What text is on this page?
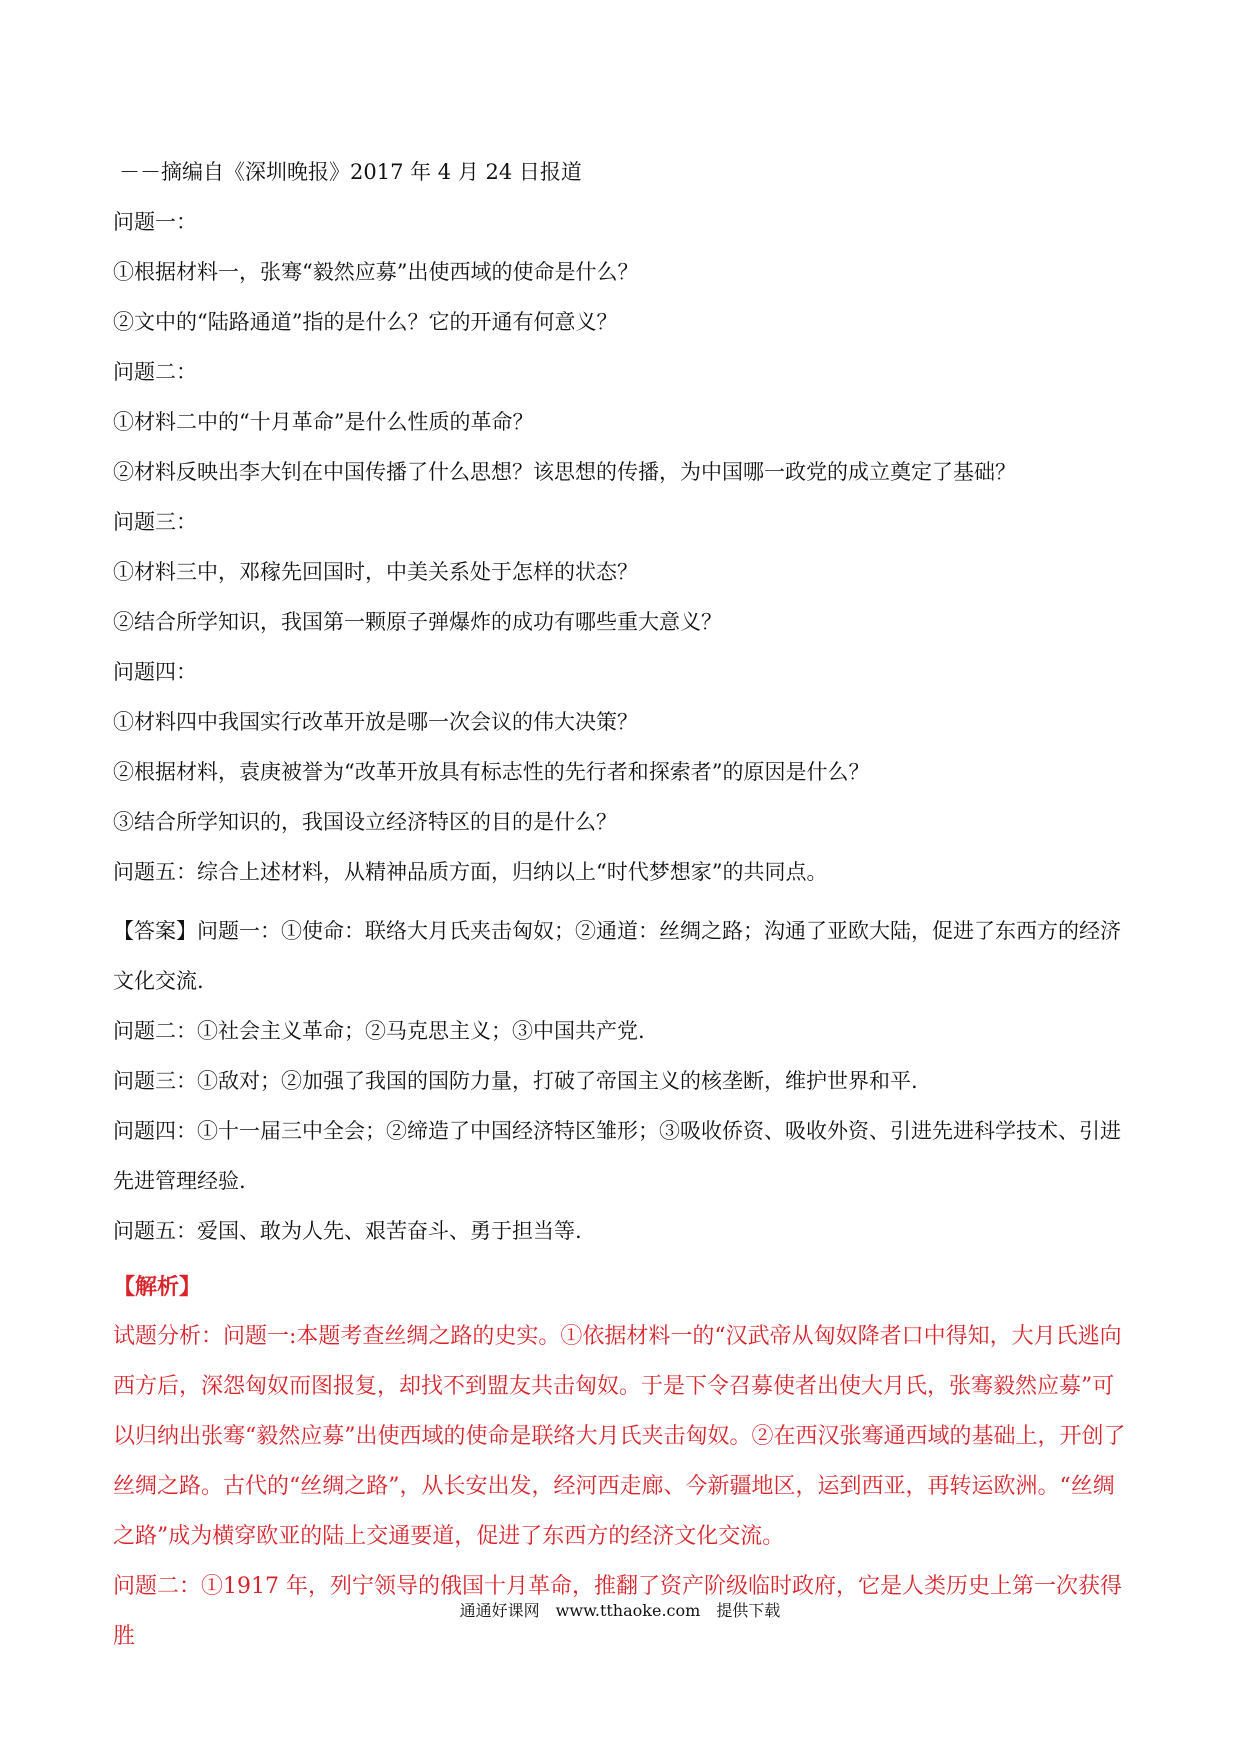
－－摘编自《深圳晚报》2017 年 4 月 24 日报道
问题一：
①根据材料一，张骞“毅然应募”出使西域的使命是什么？
②文中的“陆路通道”指的是什么？它的开通有何意义？
问题二：
①材料二中的“十月革命”是什么性质的革命？
②材料反映出李大钊在中国传播了什么思想？该思想的传播，为中国哪一政党的成立奠定了基础？
问题三：
①材料三中，邓稼先回国时，中美关系处于怎样的状态？
②结合所学知识，我国第一颗原子弹爆炸的成功有哪些重大意义？
问题四：
①材料四中我国实行改革开放是哪一次会议的伟大决策？
②根据材料，袁庚被誉为“改革开放具有标志性的先行者和探索者”的原因是什么？
③结合所学知识的，我国设立经济特区的目的是什么？
问题五：综合上述材料，从精神品质方面，归纳以上“时代梦想家”的共同点。
【答案】问题一：①使命：联络大月氏夹击匈奴；②通道：丝绸之路；沟通了亚欧大陆，促进了东西方的经济文化交流.
问题二：①社会主义革命；②马克思主义；③中国共产党.
问题三：①敌对；②加强了我国的国防力量，打破了帝国主义的核垄断，维护世界和平.
问题四：①十一届三中全会；②缔造了中国经济特区雏形；③吸收侨资、吸收外资、引进先进科学技术、引进先进管理经验.
问题五：爱国、敢为人先、艰苦奋斗、勇于担当等.
【解析】
试题分析：问题一:本题考查丝绸之路的史实。①依据材料一的“汉武帝从匈奴降者口中得知，大月氏逃向西方后，深怨匈奴而图报复，却找不到盟友共击匈奴。于是下令召募使者出使大月氏，张骞毅然应募”可以归纳出张骞“毅然应募”出使西域的使命是联络大月氏夹击匈奴。②在西汉张骞通西域的基础上，开创了丝绸之路。古代的“丝绸之路”，从长安出发，经河西走廊、今新疆地区，运到西亚，再转运欧洲。“丝绸之路”成为横穿欧亚的陆上交通要道，促进了东西方的经济文化交流。
问题二：①1917 年，列宁领导的俄国十月革命，推翻了资产阶级临时政府，它是人类历史上第一次获得胜
通通好课网　www.tthaoke.com　提供下载
